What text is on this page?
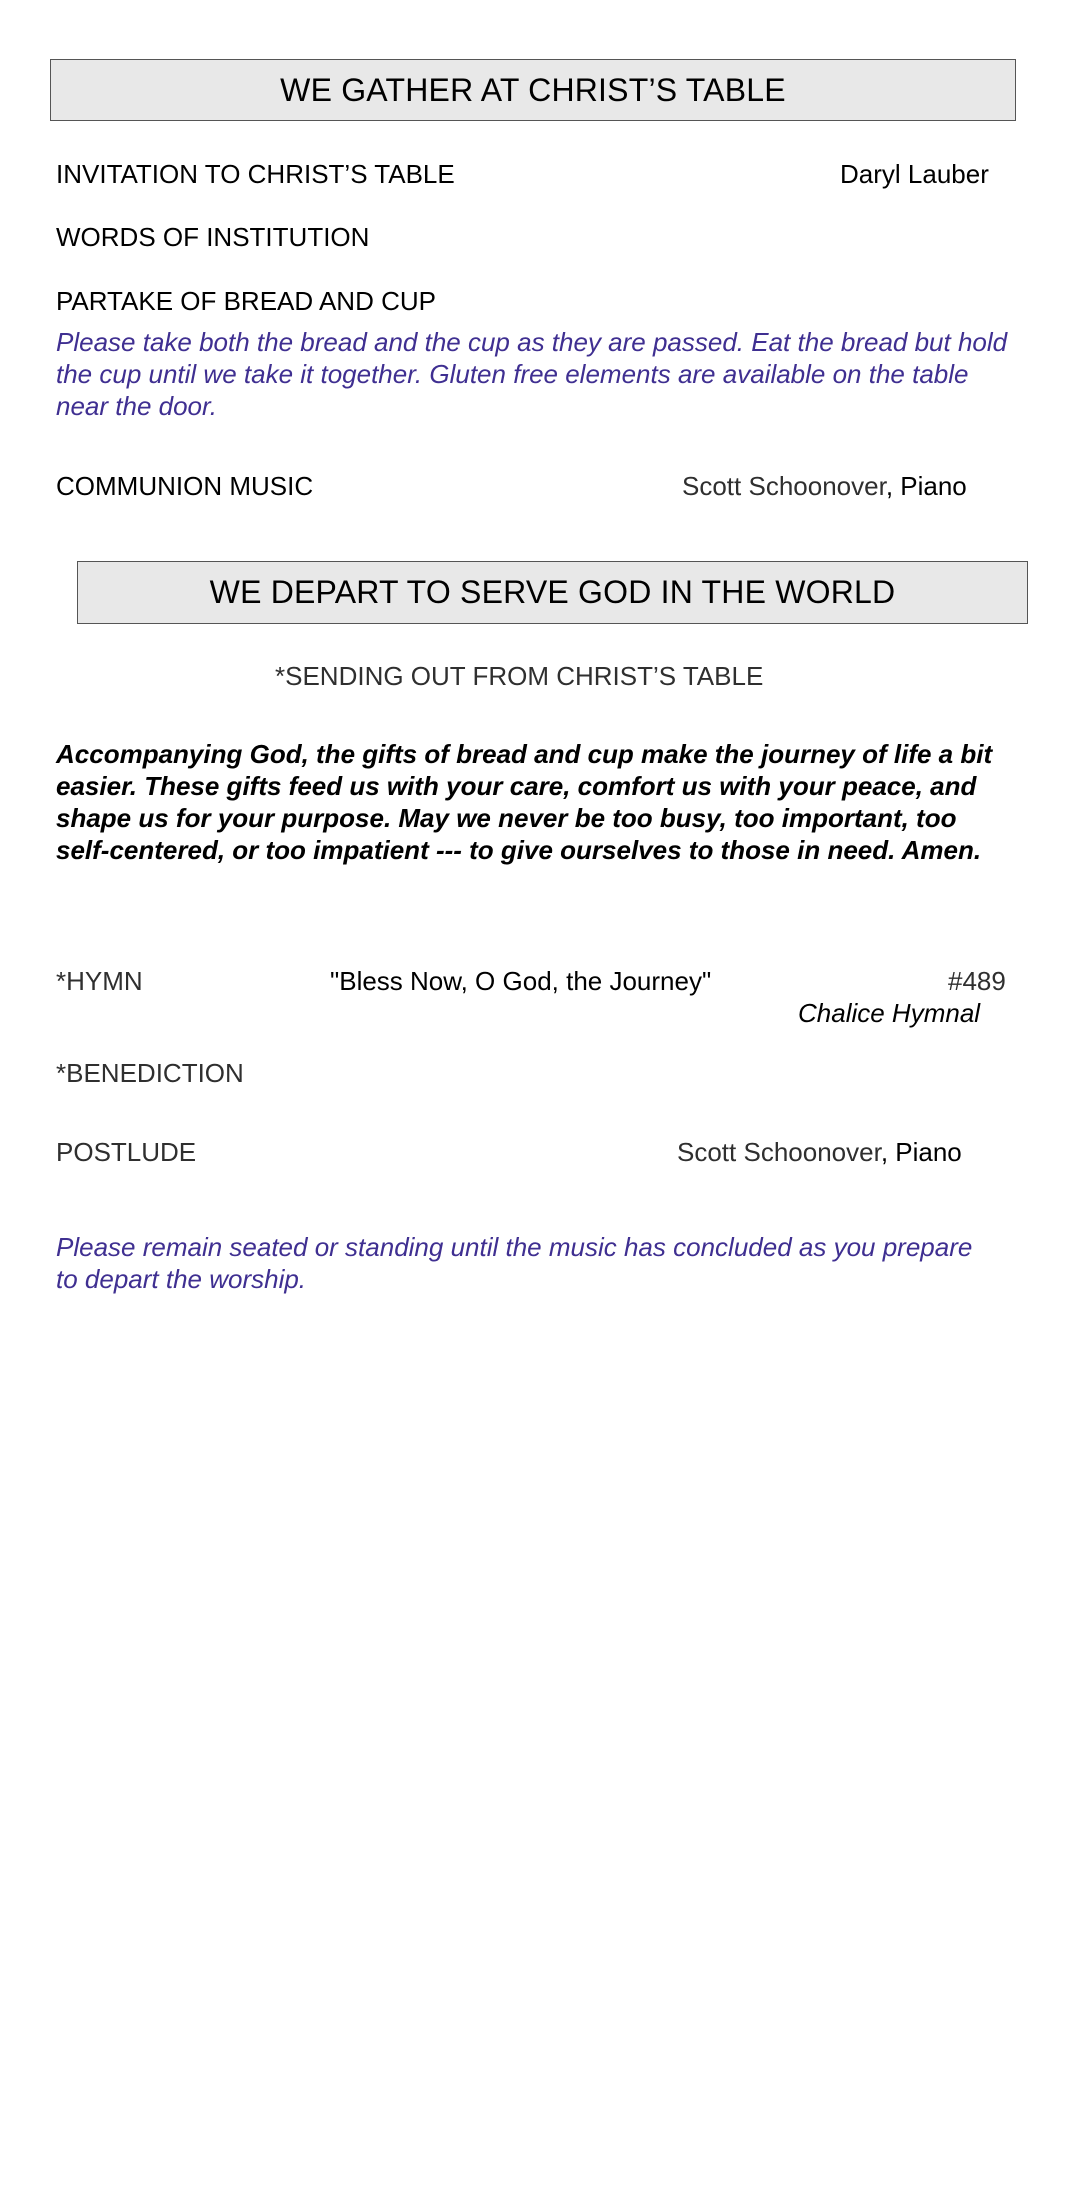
WE GATHER AT CHRIST’S TABLE
INVITATION TO CHRIST’S TABLE	Daryl Lauber
WORDS OF INSTITUTION
PARTAKE OF BREAD AND CUP
Please take both the bread and the cup as they are passed. Eat the bread but hold the cup until we take it together. Gluten free elements are available on the table near the door.
COMMUNION MUSIC	Scott Schoonover, Piano
WE DEPART TO SERVE GOD IN THE WORLD
*SENDING OUT FROM CHRIST’S TABLE
Accompanying God, the gifts of bread and cup make the journey of life a bit easier. These gifts feed us with your care, comfort us with your peace, and shape us for your purpose. May we never be too busy, too important, too self-centered, or too impatient --- to give ourselves to those in need. Amen.
*HYMN	"Bless Now, O God, the Journey"	#489
Chalice Hymnal
*BENEDICTION
POSTLUDE	Scott Schoonover, Piano
Please remain seated or standing until the music has concluded as you prepare to depart the worship.
